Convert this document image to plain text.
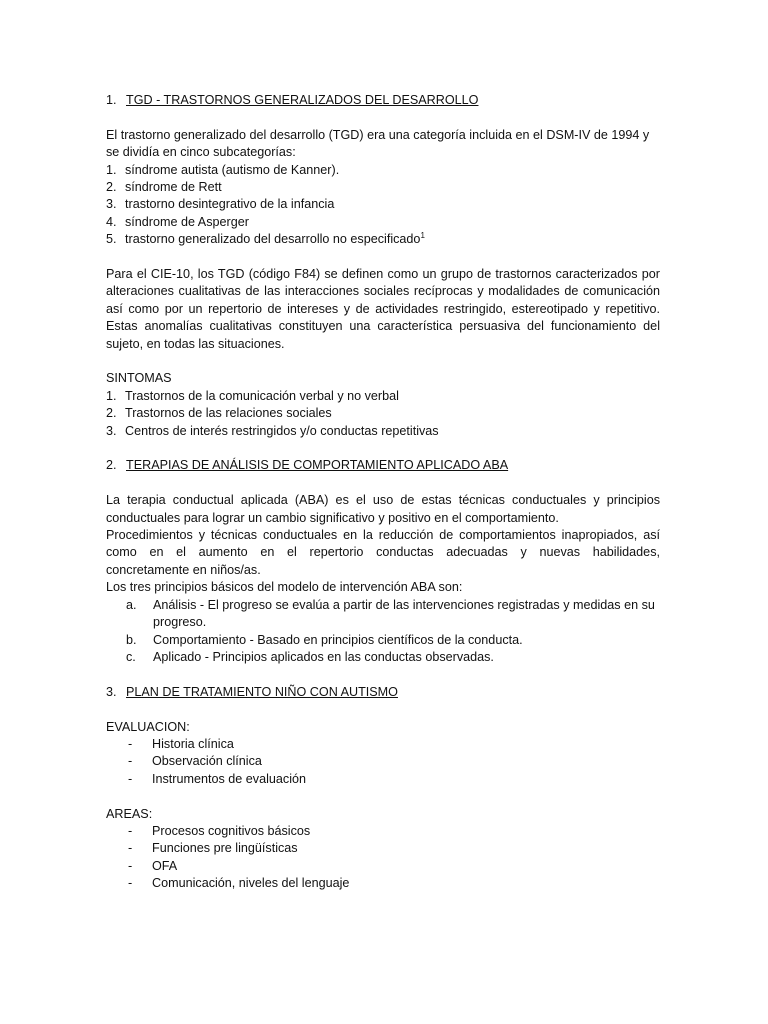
1. TGD - TRASTORNOS GENERALIZADOS DEL DESARROLLO

El trastorno generalizado del desarrollo (TGD) era una categoría incluida en el DSM-IV de 1994 y se dividía en cinco subcategorías:

1. síndrome autista (autismo de Kanner).
2. síndrome de Rett
3. trastorno desintegrativo de la infancia
4. síndrome de Asperger
5. trastorno generalizado del desarrollo no especificado$^1$

Para el CIE-10, los TGD (código F84) se definen como un grupo de trastornos caracterizados por alteraciones cualitativas de las interacciones sociales recíprocas y modalidades de comunicación así como por un repertorio de intereses y de actividades restringido, estereotipado y repetitivo. Estas anomalías cualitativas constituyen una característica persuasiva del funcionamiento del sujeto, en todas las situaciones.

SINTOMAS

1. Trastornos de la comunicación verbal y no verbal
2. Trastornos de las relaciones sociales
3. Centros de interés restringidos y/o conductas repetitivas
2. TERAPIAS DE ANÁLISIS DE COMPORTAMIENTO APLICADO ABA

La terapia conductual aplicada (ABA) es el uso de estas técnicas conductuales y principios conductuales para lograr un cambio significativo y positivo en el comportamiento.

Procedimientos y técnicas conductuales en la reducción de comportamientos inapropiados, así

como en el aumento en el repertorio conductas adecuadas y nuevas habilidades,

concretamente en niños/as.

Los tres principios básicos del modelo de intervención ABA son:

a.	Análisis - El progreso se evalúa a partir de las intervenciones registradas y medidas en su progreso.
b.	Comportamiento - Basado en principios científicos de la conducta.
c.	Aplicado - Principios aplicados en las conductas observadas.
3. PLAN DE TRATAMIENTO NIÑO CON AUTISMO

EVALUACION:

-	Historia clínica
-	Observación clínica
-	Instrumentos de evaluación

AREAS:

-	Procesos cognitivos básicos
-	Funciones pre lingüísticas
-	OFA
-	Comunicación, niveles del lenguaje
